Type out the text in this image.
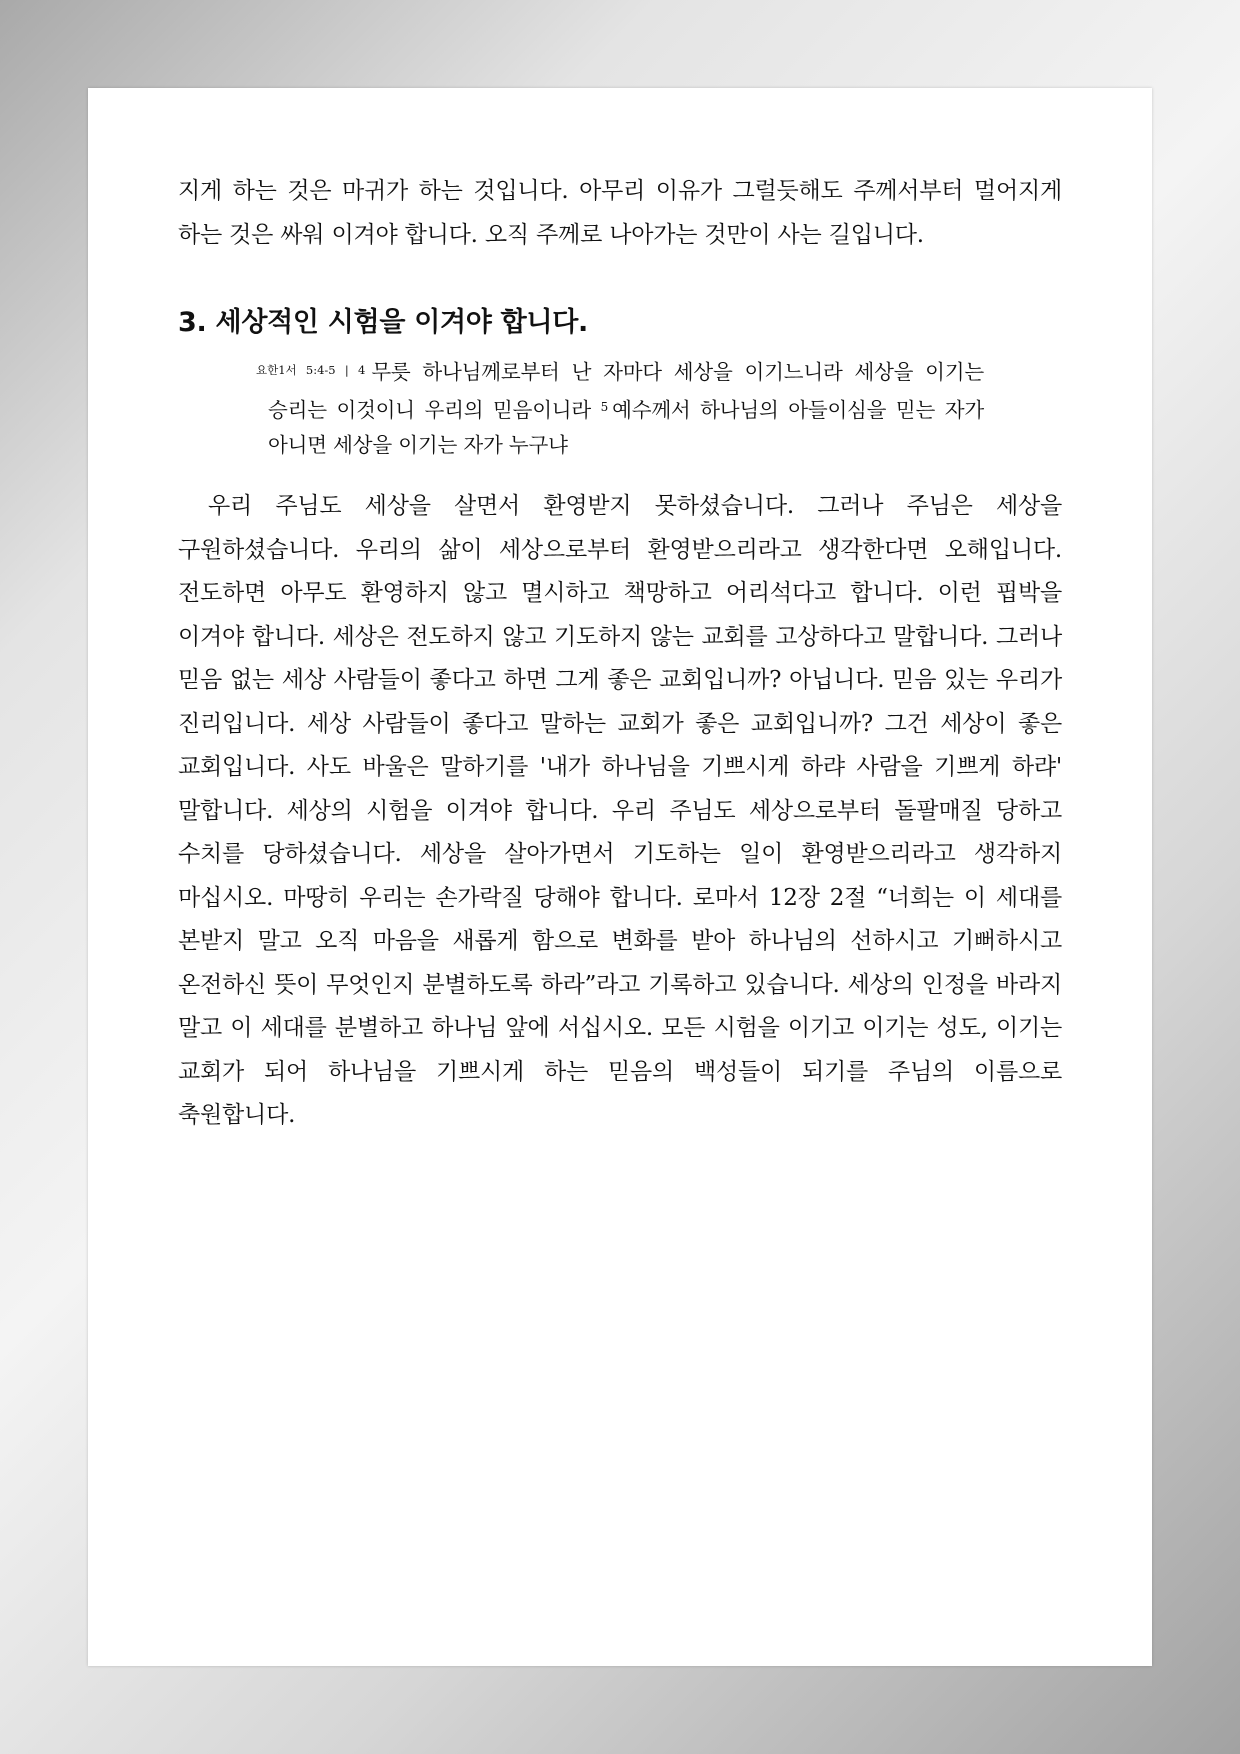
지게 하는 것은 마귀가 하는 것입니다. 아무리 이유가 그럴듯해도 주께서부터 멀어지게 하는 것은 싸워 이겨야 합니다. 오직 주께로 나아가는 것만이 사는 길입니다.

3. 세상적인 시험을 이겨야 합니다.

$^{요한1서 5:4-5 | 4}$ 무릇 하나님께로부터 난 자마다 세상을 이기느니라 세상을 이기는 승리는 이것이니 우리의 믿음이니라 $^5$ 예수께서 하나님의 아들이심을 믿는 자가 아니면 세상을 이기는 자가 누구냐

우리 주님도 세상을 살면서 환영받지 못하셨습니다. 그러나 주님은 세상을 구원하셨습니다. 우리의 삶이 세상으로부터 환영받으리라고 생각한다면 오해입니다. 전도하면 아무도 환영하지 않고 멸시하고 책망하고 어리석다고 합니다. 이런 핍박을 이겨야 합니다. 세상은 전도하지 않고 기도하지 않는 교회를 고상하다고 말합니다. 그러나 믿음 없는 세상 사람들이 좋다고 하면 그게 좋은 교회입니까? 아닙니다. 믿음 있는 우리가 진리입니다. 세상 사람들이 좋다고 말하는 교회가 좋은 교회입니까? 그건 세상이 좋은 교회입니다. 사도 바울은 말하기를 '내가 하나님을 기쁘시게 하랴 사람을 기쁘게 하랴' 말합니다. 세상의 시험을 이겨야 합니다. 우리 주님도 세상으로부터 돌팔매질 당하고 수치를 당하셨습니다. 세상을 살아가면서 기도하는 일이 환영받으리라고 생각하지 마십시오. 마땅히 우리는 손가락질 당해야 합니다. 로마서 12장 2절 “너희는 이 세대를 본받지 말고 오직 마음을 새롭게 함으로 변화를 받아 하나님의 선하시고 기뻐하시고 온전하신 뜻이 무엇인지 분별하도록 하라”라고 기록하고 있습니다. 세상의 인정을 바라지 말고 이 세대를 분별하고 하나님 앞에 서십시오. 모든 시험을 이기고 이기는 성도, 이기는 교회가 되어 하나님을 기쁘시게 하는 믿음의 백성들이 되기를 주님의 이름으로 축원합니다.
